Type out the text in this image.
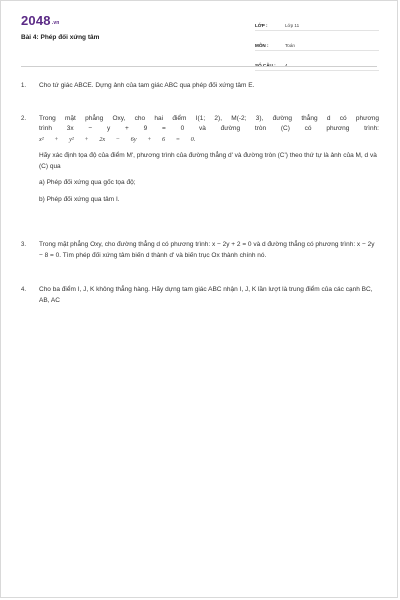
2048.vn
Bài 4: Phép đối xứng tâm
LỚP :	Lớp 11
MÔN :	Toán
SỐ CÂU :	4
1.	Cho tứ giác ABCE. Dựng ảnh của tam giác ABC qua phép đối xứng tâm E.
2.	Trong mặt phẳng Oxy, cho hai điểm I(1; 2), M(-2; 3), đường thẳng d có phương
trình 3x − y + 9 = 0 và đường tròn (C) có phương trình:
x² + y² + 2x − 6y + 6 = 0.
Hãy xác định tọa độ của điểm M', phương trình của đường thẳng d' và đường tròn (C') theo thứ tự là ảnh của M, d và (C) qua
a) Phép đối xứng qua gốc tọa độ;
b) Phép đối xứng qua tâm I.
3.	Trong mặt phẳng Oxy, cho đường thẳng d có phương trình: x − 2y + 2 = 0 và d đường thẳng có phương trình: x − 2y − 8 = 0. Tìm phép đối xứng tâm biến d thành d' và biến trục Ox thành chính nó.
4.	Cho ba điểm I, J, K không thẳng hàng. Hãy dựng tam giác ABC nhận I, J, K lần lượt là trung điểm của các cạnh BC, AB, AC
